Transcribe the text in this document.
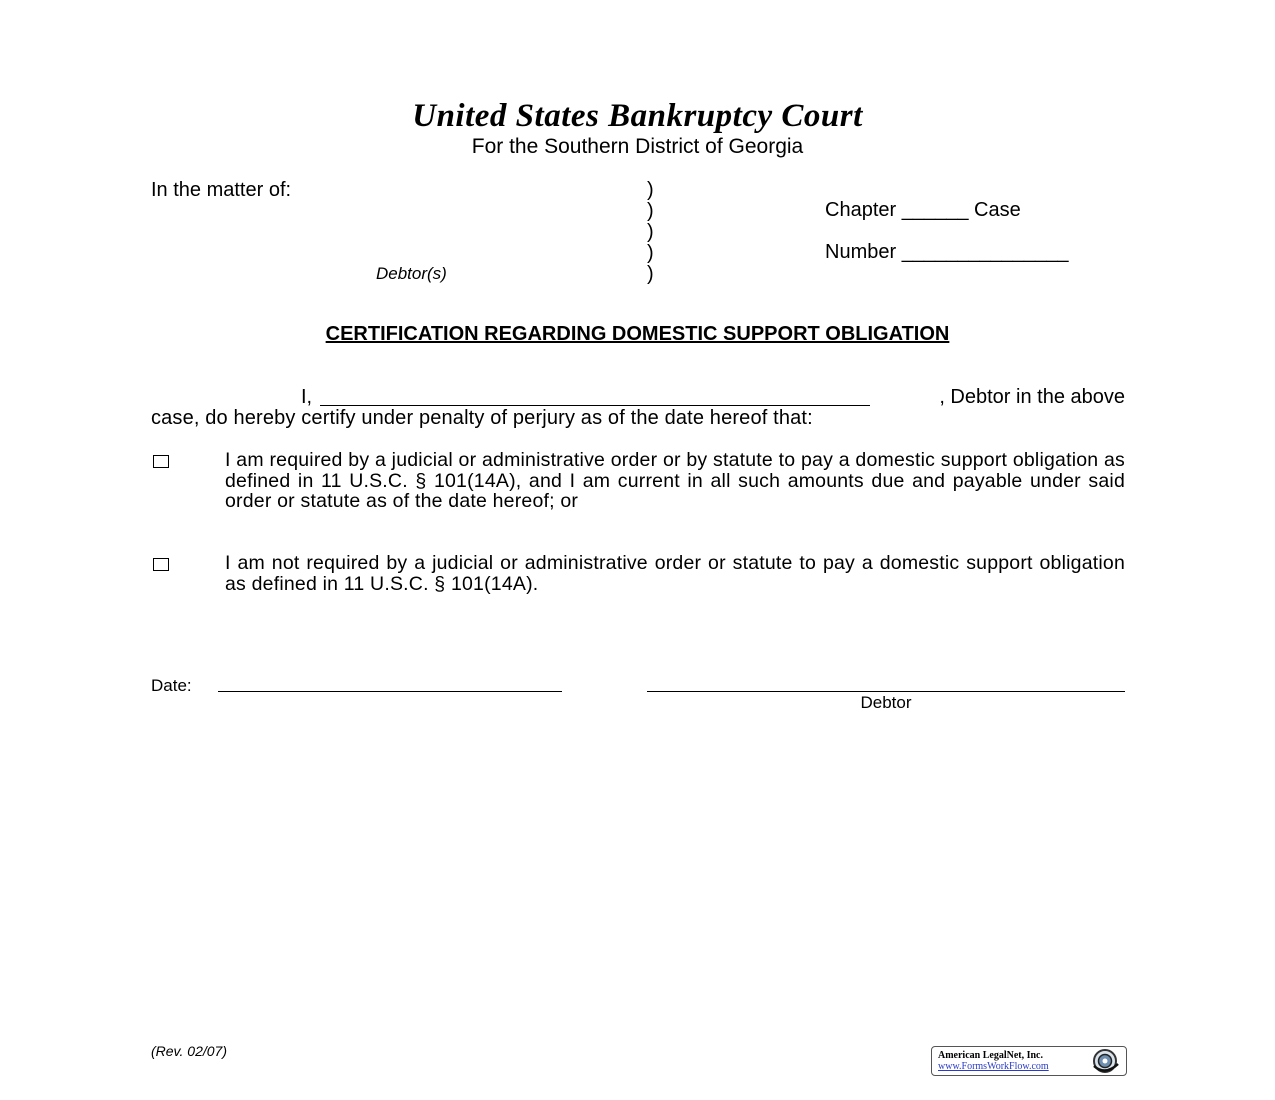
United States Bankruptcy Court
For the Southern District of Georgia
In the matter of:	)
)
)
)
)
Chapter ______ Case
Number _______________
Debtor(s)
CERTIFICATION REGARDING DOMESTIC SUPPORT OBLIGATION
I,	, Debtor in the above
case, do hereby certify under penalty of perjury as of the date hereof that:
I am required by a judicial or administrative order or by statute to pay a domestic support obligation as defined in 11 U.S.C. § 101(14A), and I am current in all such amounts due and payable under said order or statute as of the date hereof; or
I am not required by a judicial or administrative order or statute to pay a domestic support obligation as defined in 11 U.S.C. § 101(14A).
Date:
Debtor
(Rev. 02/07)	American LegalNet, Inc.
www.FormsWorkFlow.com
